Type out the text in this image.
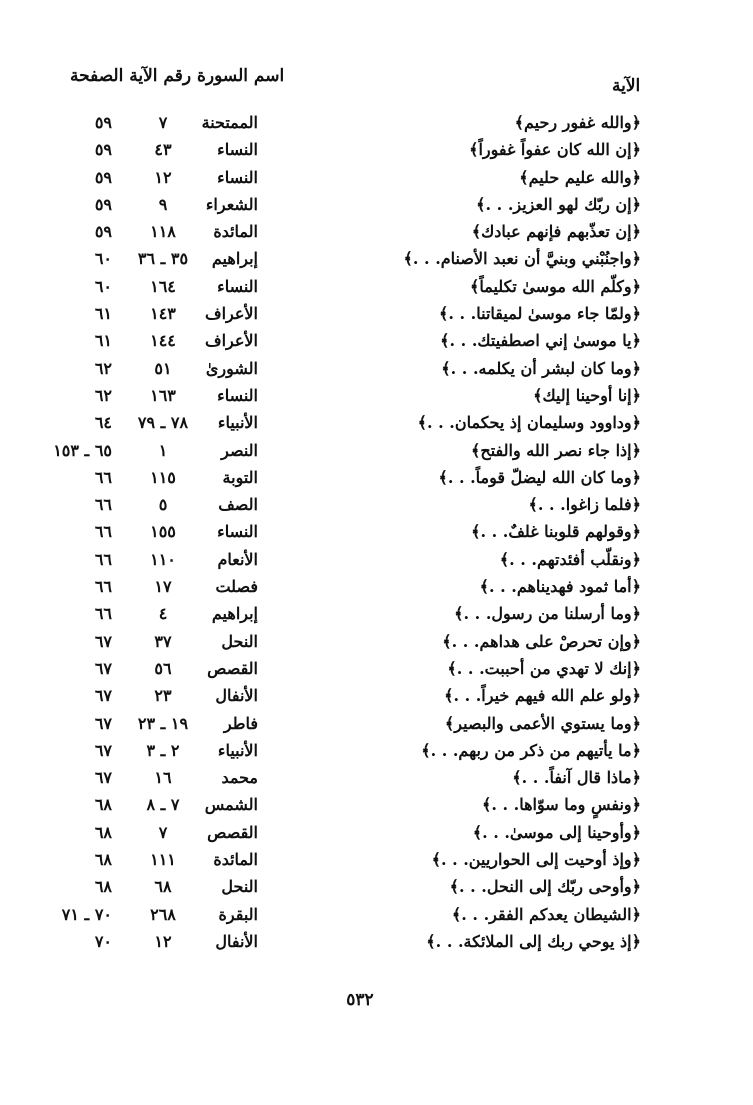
الآية
اسم السورة رقم الآية الصفحة
﴿والله غفور رحيم﴾
الممتحنة
٧
٥٩
﴿إن الله كان عفواً غفوراً﴾
النساء
٤٣
٥٩
﴿والله عليم حليم﴾
النساء
١٢
٥٩
﴿إن ربّك لهو العزيز. . .﴾
الشعراء
٩
٥٩
﴿إن تعذّبهم فإنهم عبادك﴾
المائدة
١١٨
٥٩
﴿واجنُبْني وبنيَّ أن نعبد الأصنام. . .﴾
إبراهيم
٣٥ ـ ٣٦
٦٠
﴿وكلّم الله موسىٰ تكليماً﴾
النساء
١٦٤
٦٠
﴿ولمّا جاء موسىٰ لميقاتنا. . .﴾
الأعراف
١٤٣
٦١
﴿يا موسىٰ إني اصطفيتك. . .﴾
الأعراف
١٤٤
٦١
﴿وما كان لبشر أن يكلمه. . .﴾
الشورىٰ
٥١
٦٢
﴿إنا أوحينا إليك﴾
النساء
١٦٣
٦٢
﴿وداوود وسليمان إذ يحكمان. . .﴾
الأنبياء
٧٨ ـ ٧٩
٦٤
﴿إذا جاء نصر الله والفتح﴾
النصر
١
٦٥ ـ ١٥٣
﴿وما كان الله ليضلّ قوماً. . .﴾
التوبة
١١٥
٦٦
﴿فلما زاغوا. . .﴾
الصف
٥
٦٦
﴿وقولهم قلوبنا غلفٌ. . .﴾
النساء
١٥٥
٦٦
﴿ونقلّب أفئدتهم. . .﴾
الأنعام
١١٠
٦٦
﴿أما ثمود فهديناهم. . .﴾
فصلت
١٧
٦٦
﴿وما أرسلنا من رسول. . .﴾
إبراهيم
٤
٦٦
﴿وإن تحرصْ على هداهم. . .﴾
النحل
٣٧
٦٧
﴿إنك لا تهدي من أحببت. . .﴾
القصص
٥٦
٦٧
﴿ولو علم الله فيهم خيراً. . .﴾
الأنفال
٢٣
٦٧
﴿وما يستوي الأعمى والبصير﴾
فاطر
١٩ ـ ٢٣
٦٧
﴿ما يأتيهم من ذكر من ربهم. . .﴾
الأنبياء
٢ ـ ٣
٦٧
﴿ماذا قال آنفاً. . .﴾
محمد
١٦
٦٧
﴿ونفسٍ وما سوّاها. . .﴾
الشمس
٧ ـ ٨
٦٨
﴿وأوحينا إلى موسىٰ. . .﴾
القصص
٧
٦٨
﴿وإذ أوحيت إلى الحواريين. . .﴾
المائدة
١١١
٦٨
﴿وأوحى ربّك إلى النحل. . .﴾
النحل
٦٨
٦٨
﴿الشيطان يعدكم الفقر. . .﴾
البقرة
٢٦٨
٧٠ ـ ٧١
﴿إذ يوحي ربك إلى الملائكة. . .﴾
الأنفال
١٢
٧٠
٥٣٢
